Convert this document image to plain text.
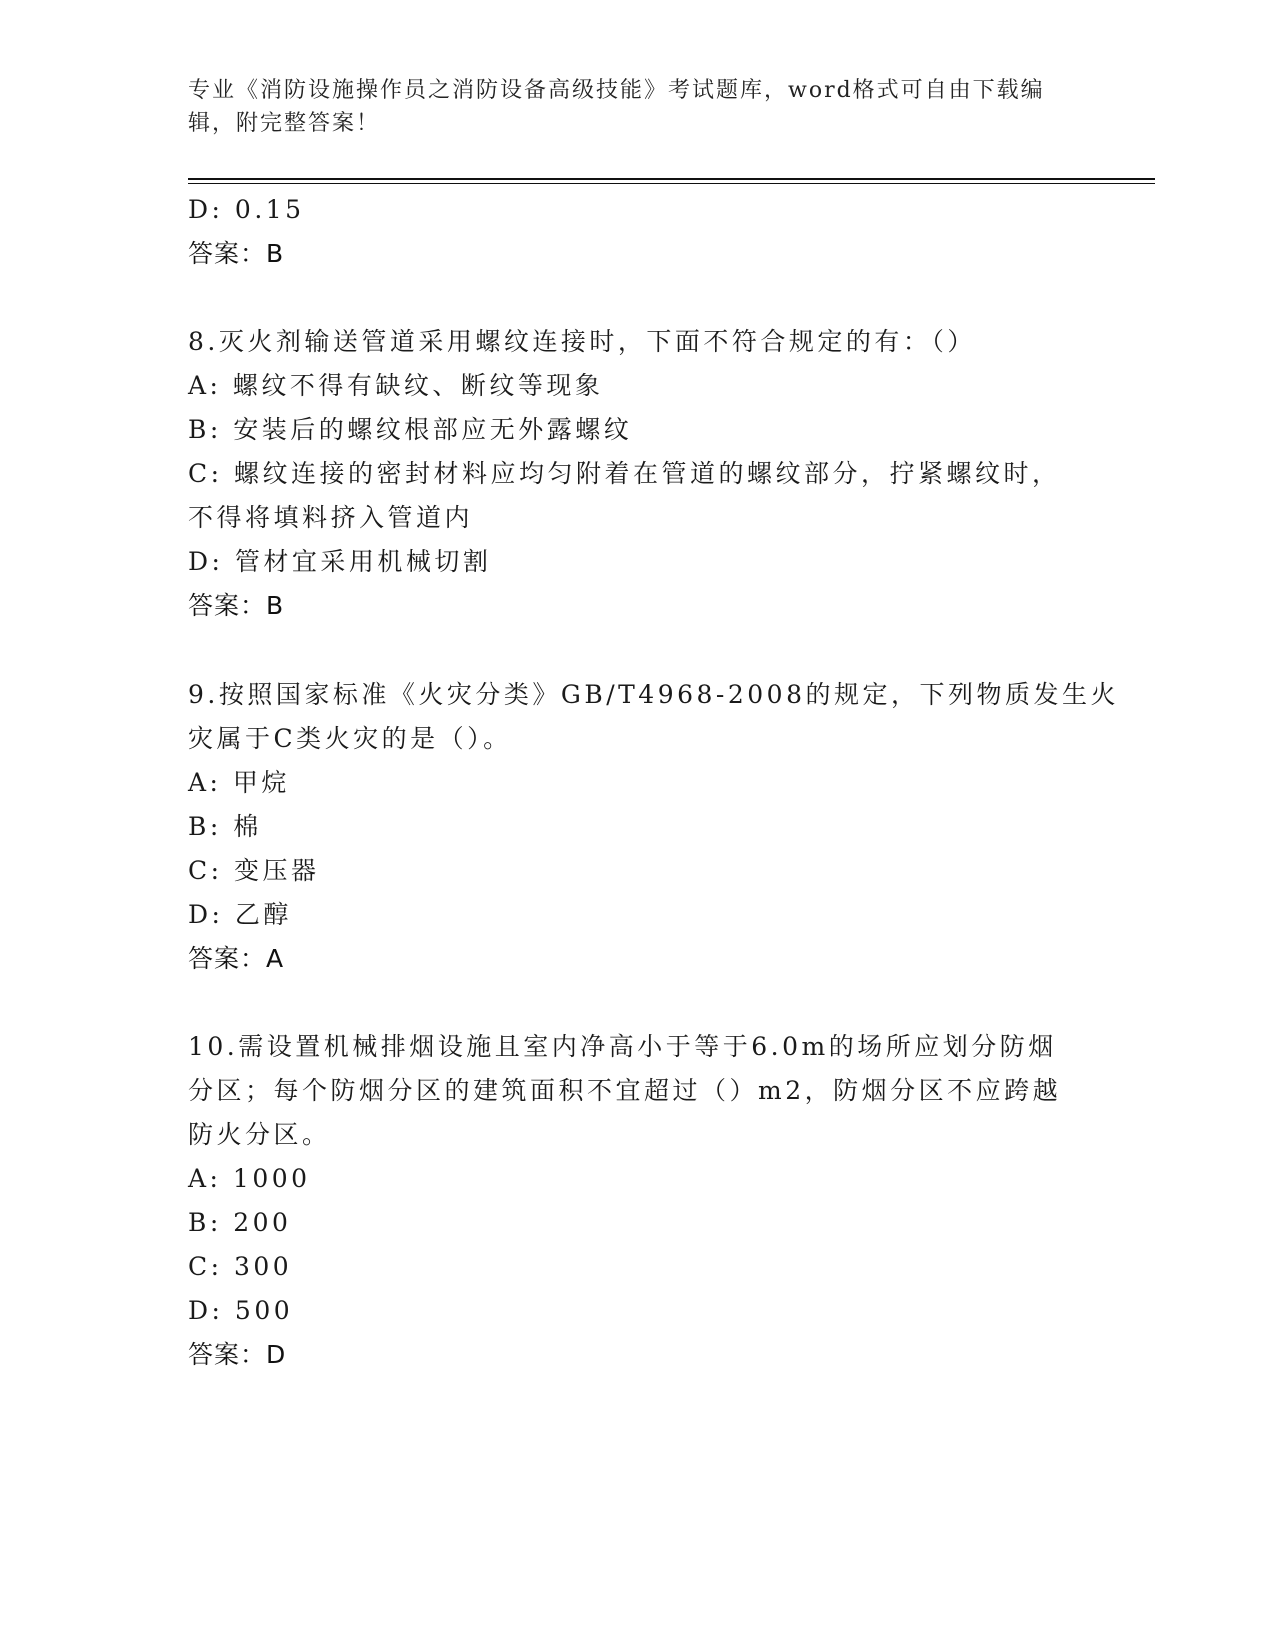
专业《消防设施操作员之消防设备高级技能》考试题库，word格式可自由下载编
辑，附完整答案！
D: 0.15
答案：B
8.灭火剂输送管道采用螺纹连接时，下面不符合规定的有：（）
A: 螺纹不得有缺纹、断纹等现象
B: 安装后的螺纹根部应无外露螺纹
C: 螺纹连接的密封材料应均匀附着在管道的螺纹部分，拧紧螺纹时，
不得将填料挤入管道内
D: 管材宜采用机械切割
答案：B
9.按照国家标准《火灾分类》GB/T4968-2008的规定，下列物质发生火
灾属于C类火灾的是（）。
A: 甲烷
B: 棉
C: 变压器
D: 乙醇
答案：A
10.需设置机械排烟设施且室内净高小于等于6.0m的场所应划分防烟
分区；每个防烟分区的建筑面积不宜超过（）m2，防烟分区不应跨越
防火分区。
A: 1000
B: 200
C: 300
D: 500
答案：D
